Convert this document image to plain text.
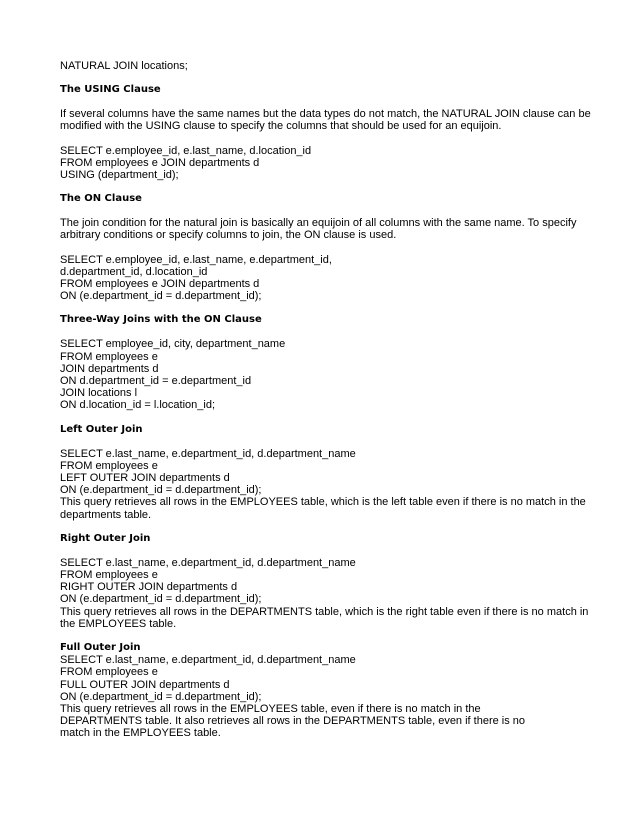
NATURAL JOIN locations;
The USING Clause
If several columns have the same names but the data types do not match, the NATURAL JOIN clause can be modified with the USING clause to specify the columns that should be used for an equijoin.
SELECT e.employee_id, e.last_name, d.location_id
FROM employees e JOIN departments d
USING (department_id);
The ON Clause
The join condition for the natural join is basically an equijoin of all columns with the same name. To specify arbitrary conditions or specify columns to join, the ON clause is used.
SELECT e.employee_id, e.last_name, e.department_id,
d.department_id, d.location_id
FROM employees e JOIN departments d
ON (e.department_id = d.department_id);
Three-Way Joins with the ON Clause
SELECT employee_id, city, department_name
FROM employees e
JOIN departments d
ON d.department_id = e.department_id
JOIN locations l
ON d.location_id = l.location_id;
Left Outer Join
SELECT e.last_name, e.department_id, d.department_name
FROM employees e
LEFT OUTER JOIN departments d
ON (e.department_id = d.department_id);
This query retrieves all rows in the EMPLOYEES table, which is the left table even if there is no match in the departments table.
Right Outer Join
SELECT e.last_name, e.department_id, d.department_name
FROM employees e
RIGHT OUTER JOIN departments d
ON (e.department_id = d.department_id);
This query retrieves all rows in the DEPARTMENTS table, which is the right table even if there is no match in the EMPLOYEES table.
Full Outer Join
SELECT e.last_name, e.department_id, d.department_name
FROM employees e
FULL OUTER JOIN departments d
ON (e.department_id = d.department_id);
This query retrieves all rows in the EMPLOYEES table, even if there is no match in the
DEPARTMENTS table. It also retrieves all rows in the DEPARTMENTS table, even if there is no
match in the EMPLOYEES table.
